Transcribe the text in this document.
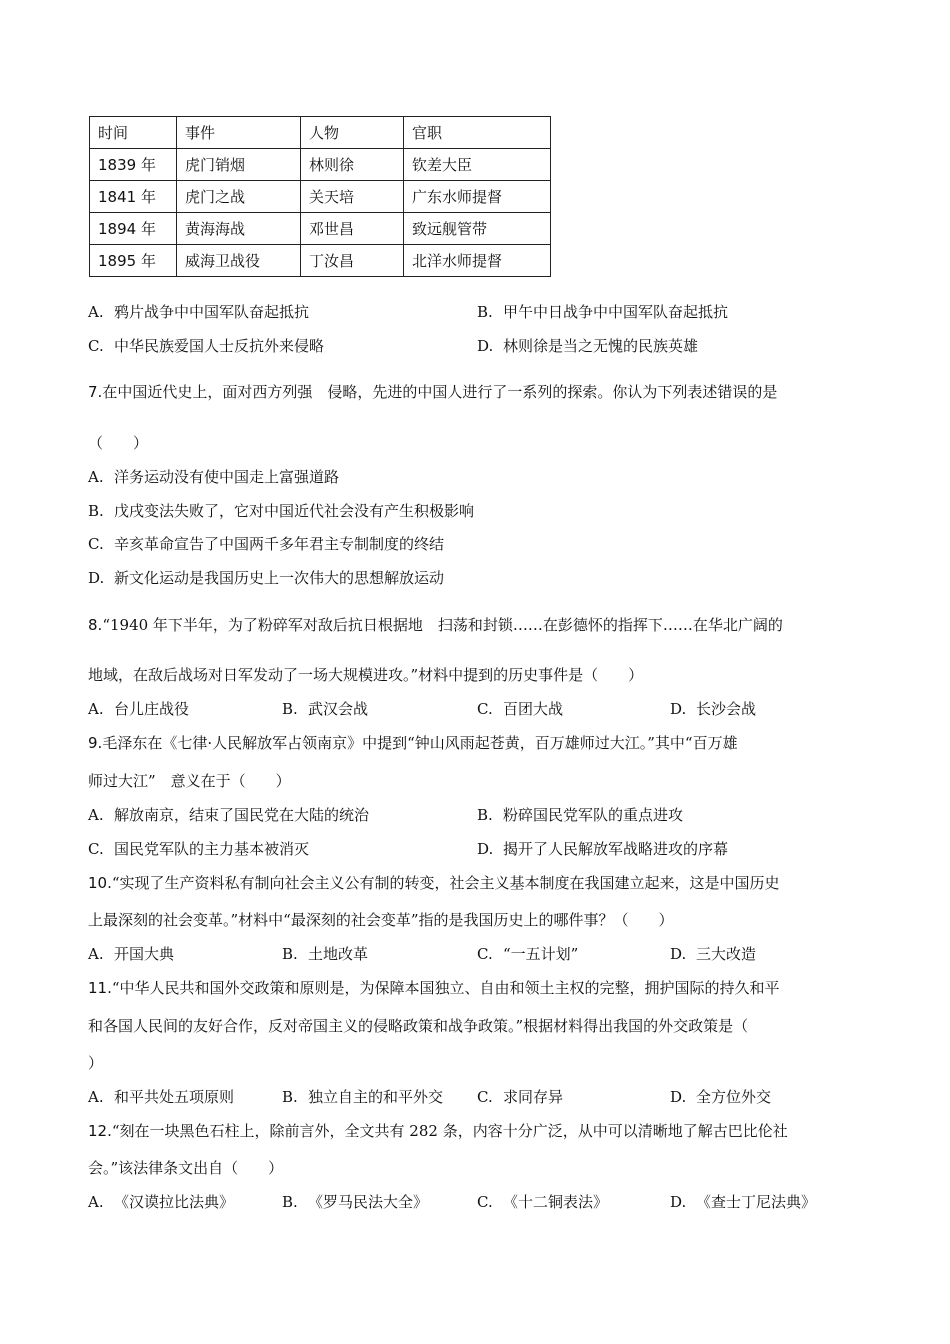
时间	事件	人物	官职
1839 年	虎门销烟	林则徐	钦差大臣
1841 年	虎门之战	关天培	广东水师提督
1894 年	黄海海战	邓世昌	致远舰管带
1895 年	威海卫战役	丁汝昌	北洋水师提督
A. 鸦片战争中中国军队奋起抵抗	B. 甲午中日战争中中国军队奋起抵抗
C. 中华民族爱国人士反抗外来侵略	D. 林则徐是当之无愧的民族英雄
7.在中国近代史上，面对西方列强　侵略，先进的中国人进行了一系列的探索。你认为下列表述错误的是
（　　）
A. 洋务运动没有使中国走上富强道路
B. 戊戌变法失败了，它对中国近代社会没有产生积极影响
C. 辛亥革命宣告了中国两千多年君主专制制度的终结
D. 新文化运动是我国历史上一次伟大的思想解放运动
8.“1940 年下半年，为了粉碎军对敌后抗日根据地　扫荡和封锁……在彭德怀的指挥下……在华北广阔的
地域，在敌后战场对日军发动了一场大规模进攻。”材料中提到的历史事件是（　　）
A. 台儿庄战役	B. 武汉会战	C. 百团大战	D. 长沙会战
9.毛泽东在《七律·人民解放军占领南京》中提到“钟山风雨起苍黄，百万雄师过大江。”其中“百万雄
师过大江”　意义在于（　　）
A. 解放南京，结束了国民党在大陆的统治	B. 粉碎国民党军队的重点进攻
C. 国民党军队的主力基本被消灭	D. 揭开了人民解放军战略进攻的序幕
10.“实现了生产资料私有制向社会主义公有制的转变，社会主义基本制度在我国建立起来，这是中国历史
上最深刻的社会变革。”材料中“最深刻的社会变革”指的是我国历史上的哪件事？（　　）
A. 开国大典	B. 土地改革	C. “一五计划”	D. 三大改造
11.“中华人民共和国外交政策和原则是，为保障本国独立、自由和领土主权的完整，拥护国际的持久和平
和各国人民间的友好合作，反对帝国主义的侵略政策和战争政策。”根据材料得出我国的外交政策是（
）
A. 和平共处五项原则	B. 独立自主的和平外交 C. 求同存异	D. 全方位外交
12.“刻在一块黑色石柱上，除前言外，全文共有 282 条，内容十分广泛，从中可以清晰地了解古巴比伦社
会。”该法律条文出自（　　）
A. 《汉谟拉比法典》	B. 《罗马民法大全》	C. 《十二铜表法》	D. 《查士丁尼法典》
